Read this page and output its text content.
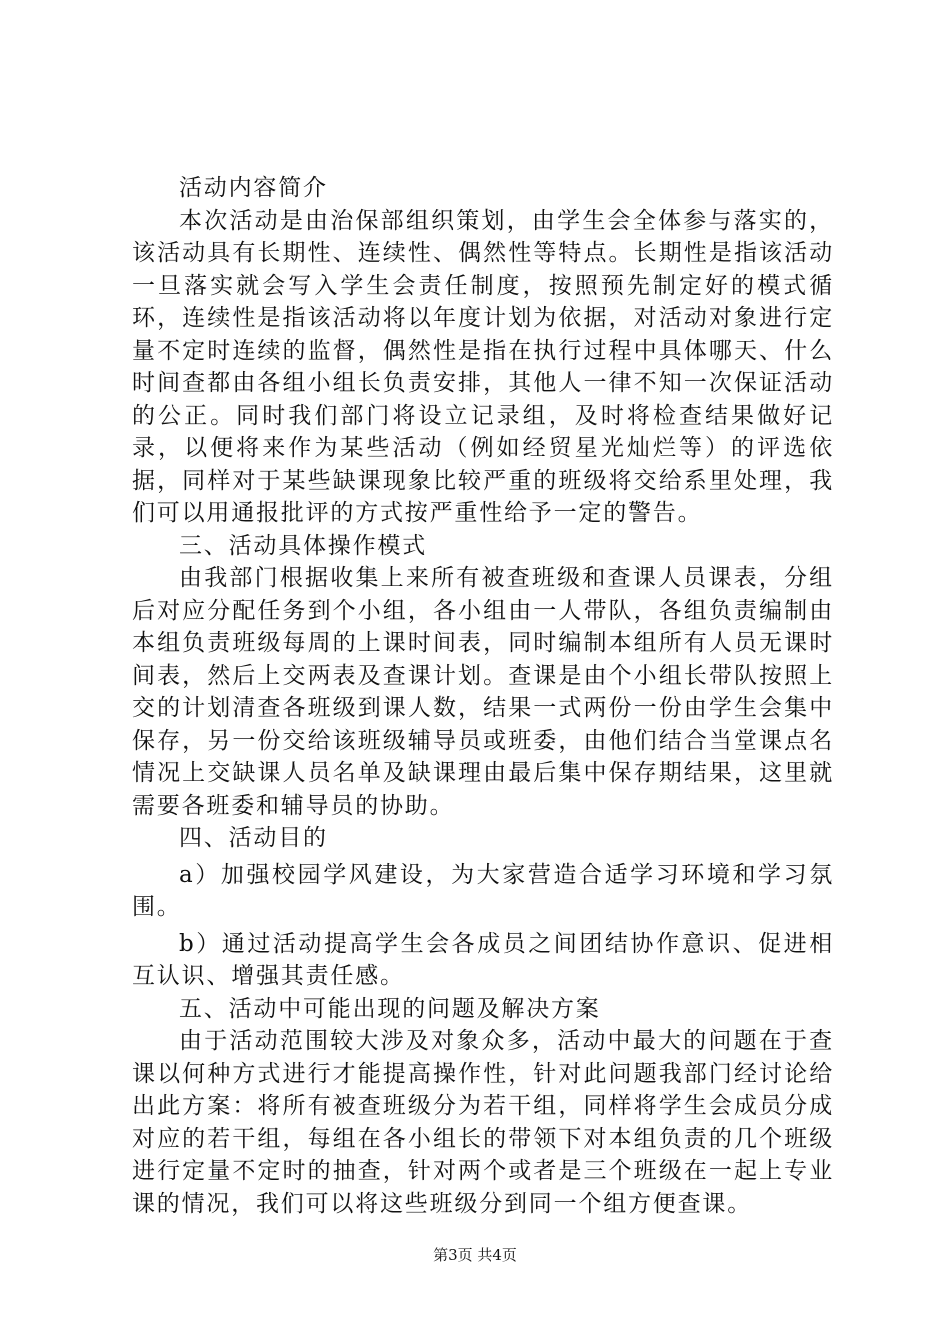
活动内容简介

本次活动是由治保部组织策划，由学生会全体参与落实的，该活动具有长期性、连续性、偶然性等特点。长期性是指该活动一旦落实就会写入学生会责任制度，按照预先制定好的模式循环，连续性是指该活动将以年度计划为依据，对活动对象进行定量不定时连续的监督，偶然性是指在执行过程中具体哪天、什么时间查都由各组小组长负责安排，其他人一律不知一次保证活动的公正。同时我们部门将设立记录组，及时将检查结果做好记录，以便将来作为某些活动（例如经贸星光灿烂等）的评选依据，同样对于某些缺课现象比较严重的班级将交给系里处理，我们可以用通报批评的方式按严重性给予一定的警告。

三、活动具体操作模式

由我部门根据收集上来所有被查班级和查课人员课表，分组后对应分配任务到个小组，各小组由一人带队，各组负责编制由本组负责班级每周的上课时间表，同时编制本组所有人员无课时间表，然后上交两表及查课计划。查课是由个小组长带队按照上交的计划清查各班级到课人数，结果一式两份一份由学生会集中保存，另一份交给该班级辅导员或班委，由他们结合当堂课点名情况上交缺课人员名单及缺课理由最后集中保存期结果，这里就需要各班委和辅导员的协助。

四、活动目的

a）加强校园学风建设，为大家营造合适学习环境和学习氛围。

b）通过活动提高学生会各成员之间团结协作意识、促进相互认识、增强其责任感。

五、活动中可能出现的问题及解决方案

由于活动范围较大涉及对象众多，活动中最大的问题在于查课以何种方式进行才能提高操作性，针对此问题我部门经讨论给出此方案：将所有被查班级分为若干组，同样将学生会成员分成对应的若干组，每组在各小组长的带领下对本组负责的几个班级进行定量不定时的抽查，针对两个或者是三个班级在一起上专业课的情况，我们可以将这些班级分到同一个组方便查课。

第3页 共4页
